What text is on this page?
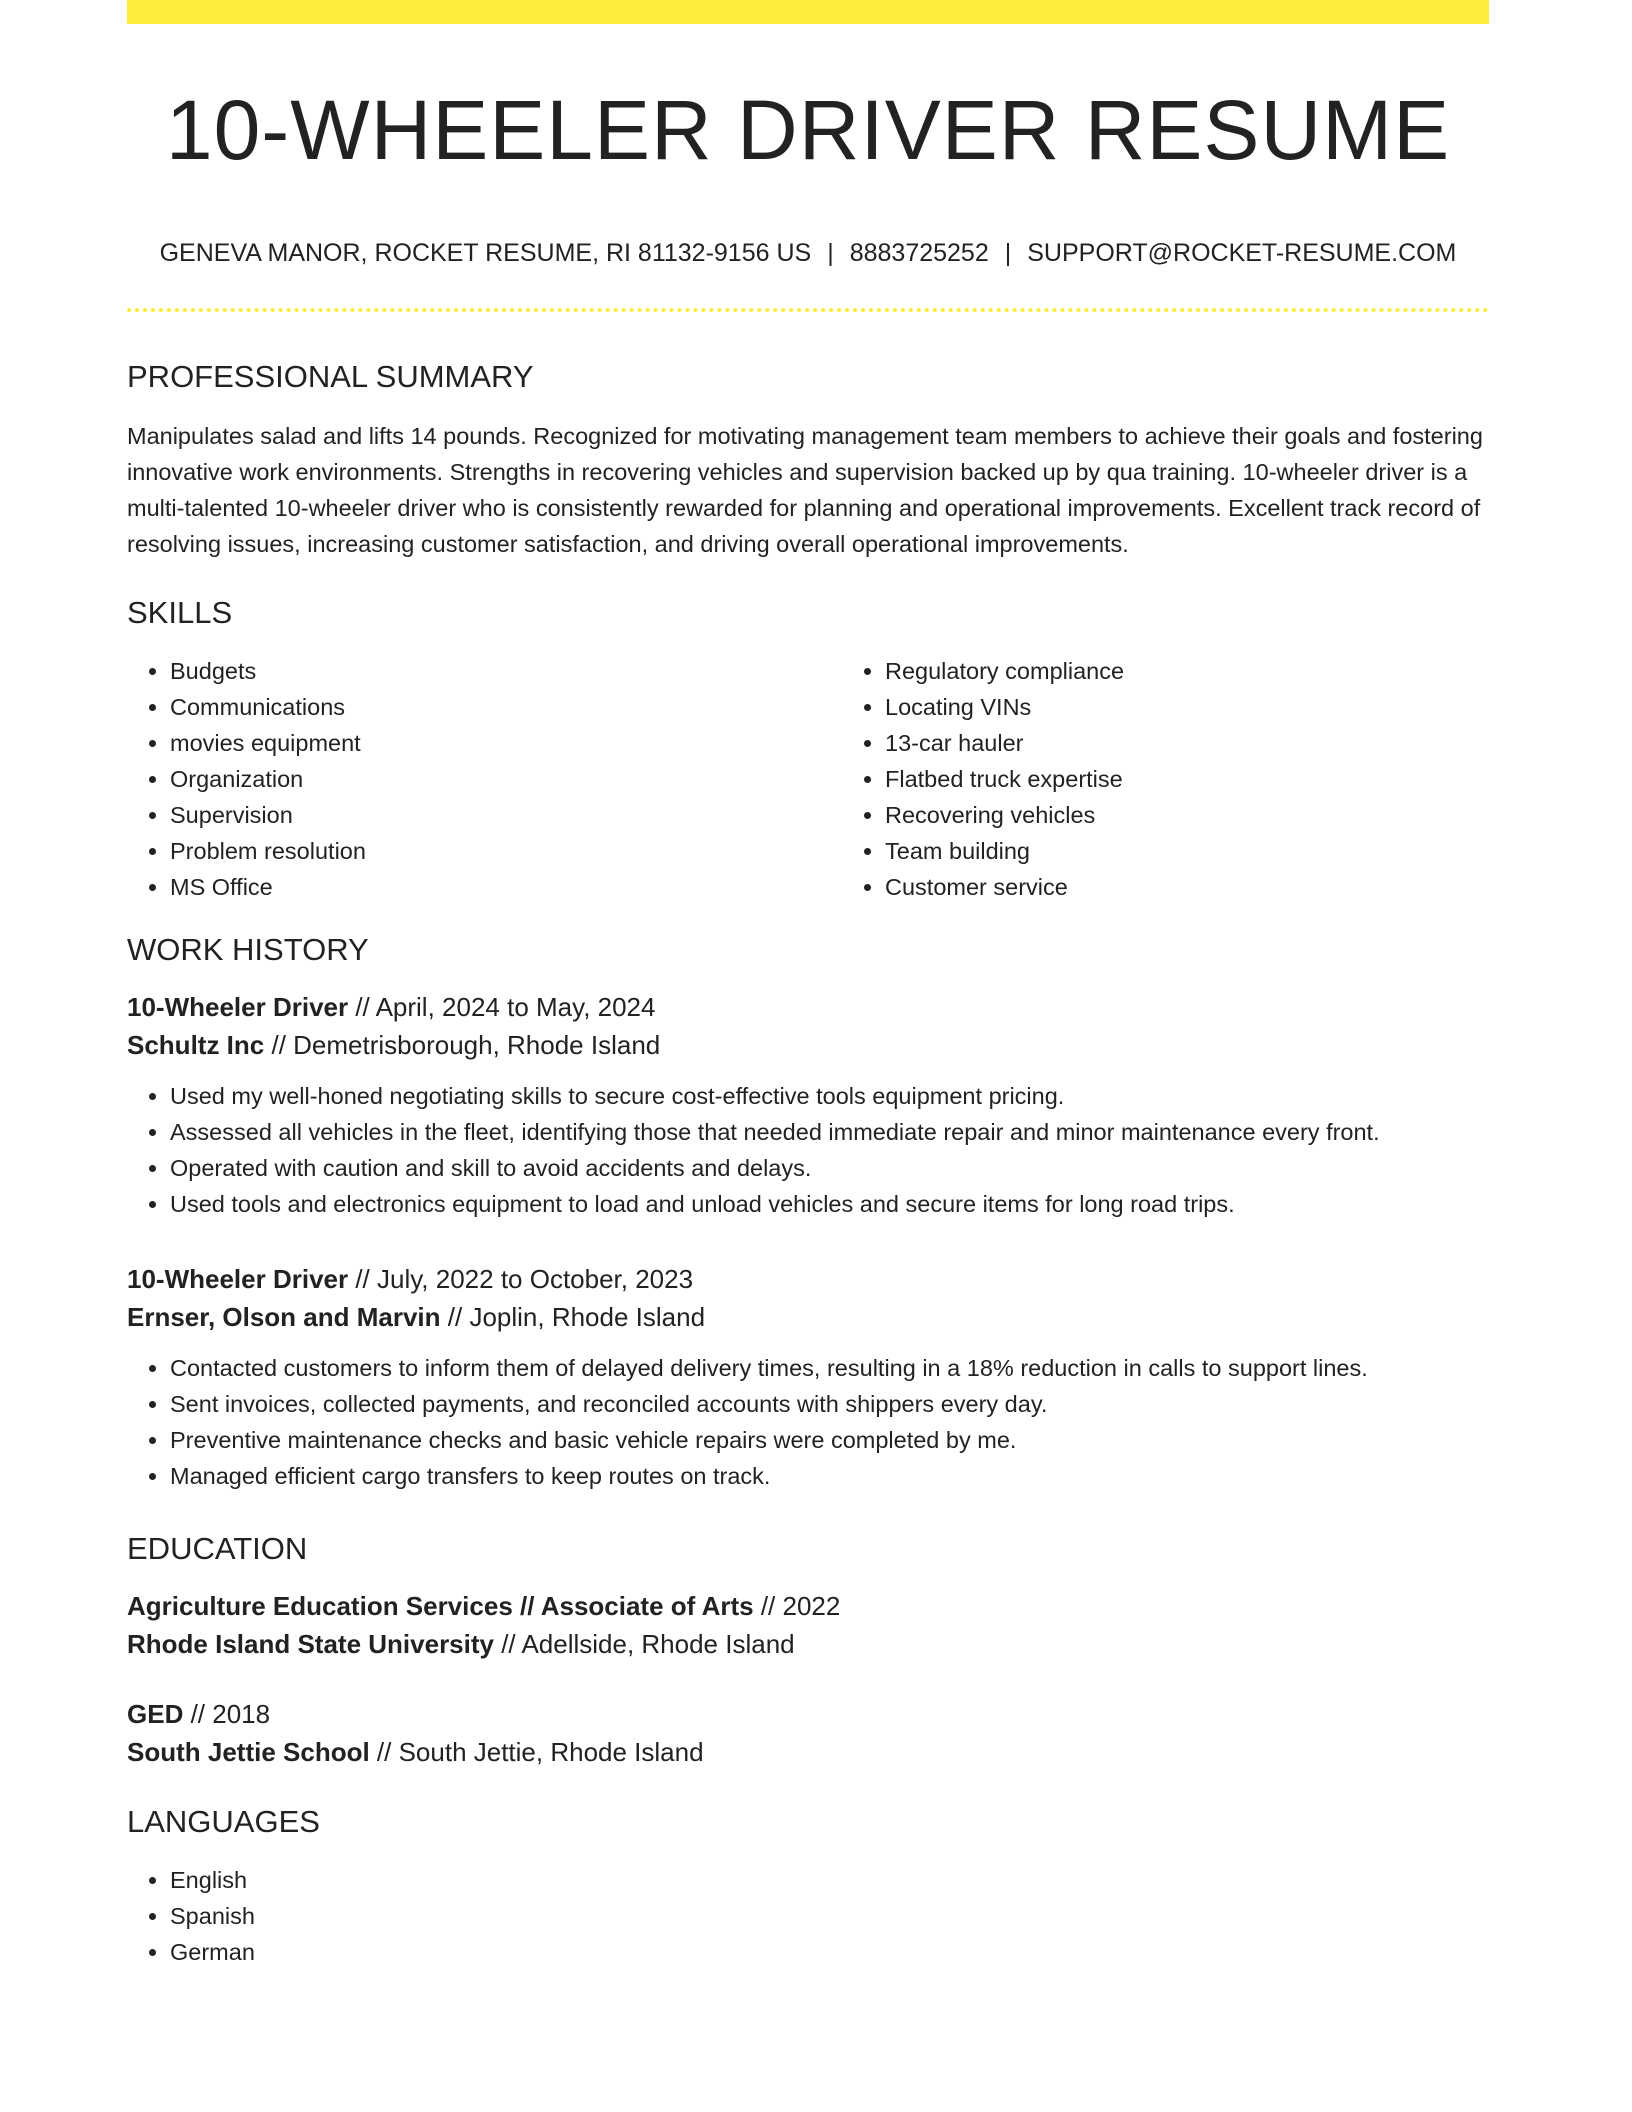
10-WHEELER DRIVER RESUME
GENEVA MANOR, ROCKET RESUME, RI 81132-9156 US | 8883725252 | SUPPORT@ROCKET-RESUME.COM
PROFESSIONAL SUMMARY
Manipulates salad and lifts 14 pounds. Recognized for motivating management team members to achieve their goals and fostering innovative work environments. Strengths in recovering vehicles and supervision backed up by qua training. 10-wheeler driver is a multi-talented 10-wheeler driver who is consistently rewarded for planning and operational improvements. Excellent track record of resolving issues, increasing customer satisfaction, and driving overall operational improvements.
SKILLS
• Budgets
• Communications
• movies equipment
• Organization
• Supervision
• Problem resolution
• MS Office
• Regulatory compliance
• Locating VINs
• 13-car hauler
• Flatbed truck expertise
• Recovering vehicles
• Team building
• Customer service
WORK HISTORY
10-Wheeler Driver // April, 2024 to May, 2024
Schultz Inc // Demetrisborough, Rhode Island
• Used my well-honed negotiating skills to secure cost-effective tools equipment pricing.
• Assessed all vehicles in the fleet, identifying those that needed immediate repair and minor maintenance every front.
• Operated with caution and skill to avoid accidents and delays.
• Used tools and electronics equipment to load and unload vehicles and secure items for long road trips.
10-Wheeler Driver // July, 2022 to October, 2023
Ernser, Olson and Marvin // Joplin, Rhode Island
• Contacted customers to inform them of delayed delivery times, resulting in a 18% reduction in calls to support lines.
• Sent invoices, collected payments, and reconciled accounts with shippers every day.
• Preventive maintenance checks and basic vehicle repairs were completed by me.
• Managed efficient cargo transfers to keep routes on track.
EDUCATION
Agriculture Education Services // Associate of Arts // 2022
Rhode Island State University // Adellside, Rhode Island
GED // 2018
South Jettie School // South Jettie, Rhode Island
LANGUAGES
• English
• Spanish
• German
